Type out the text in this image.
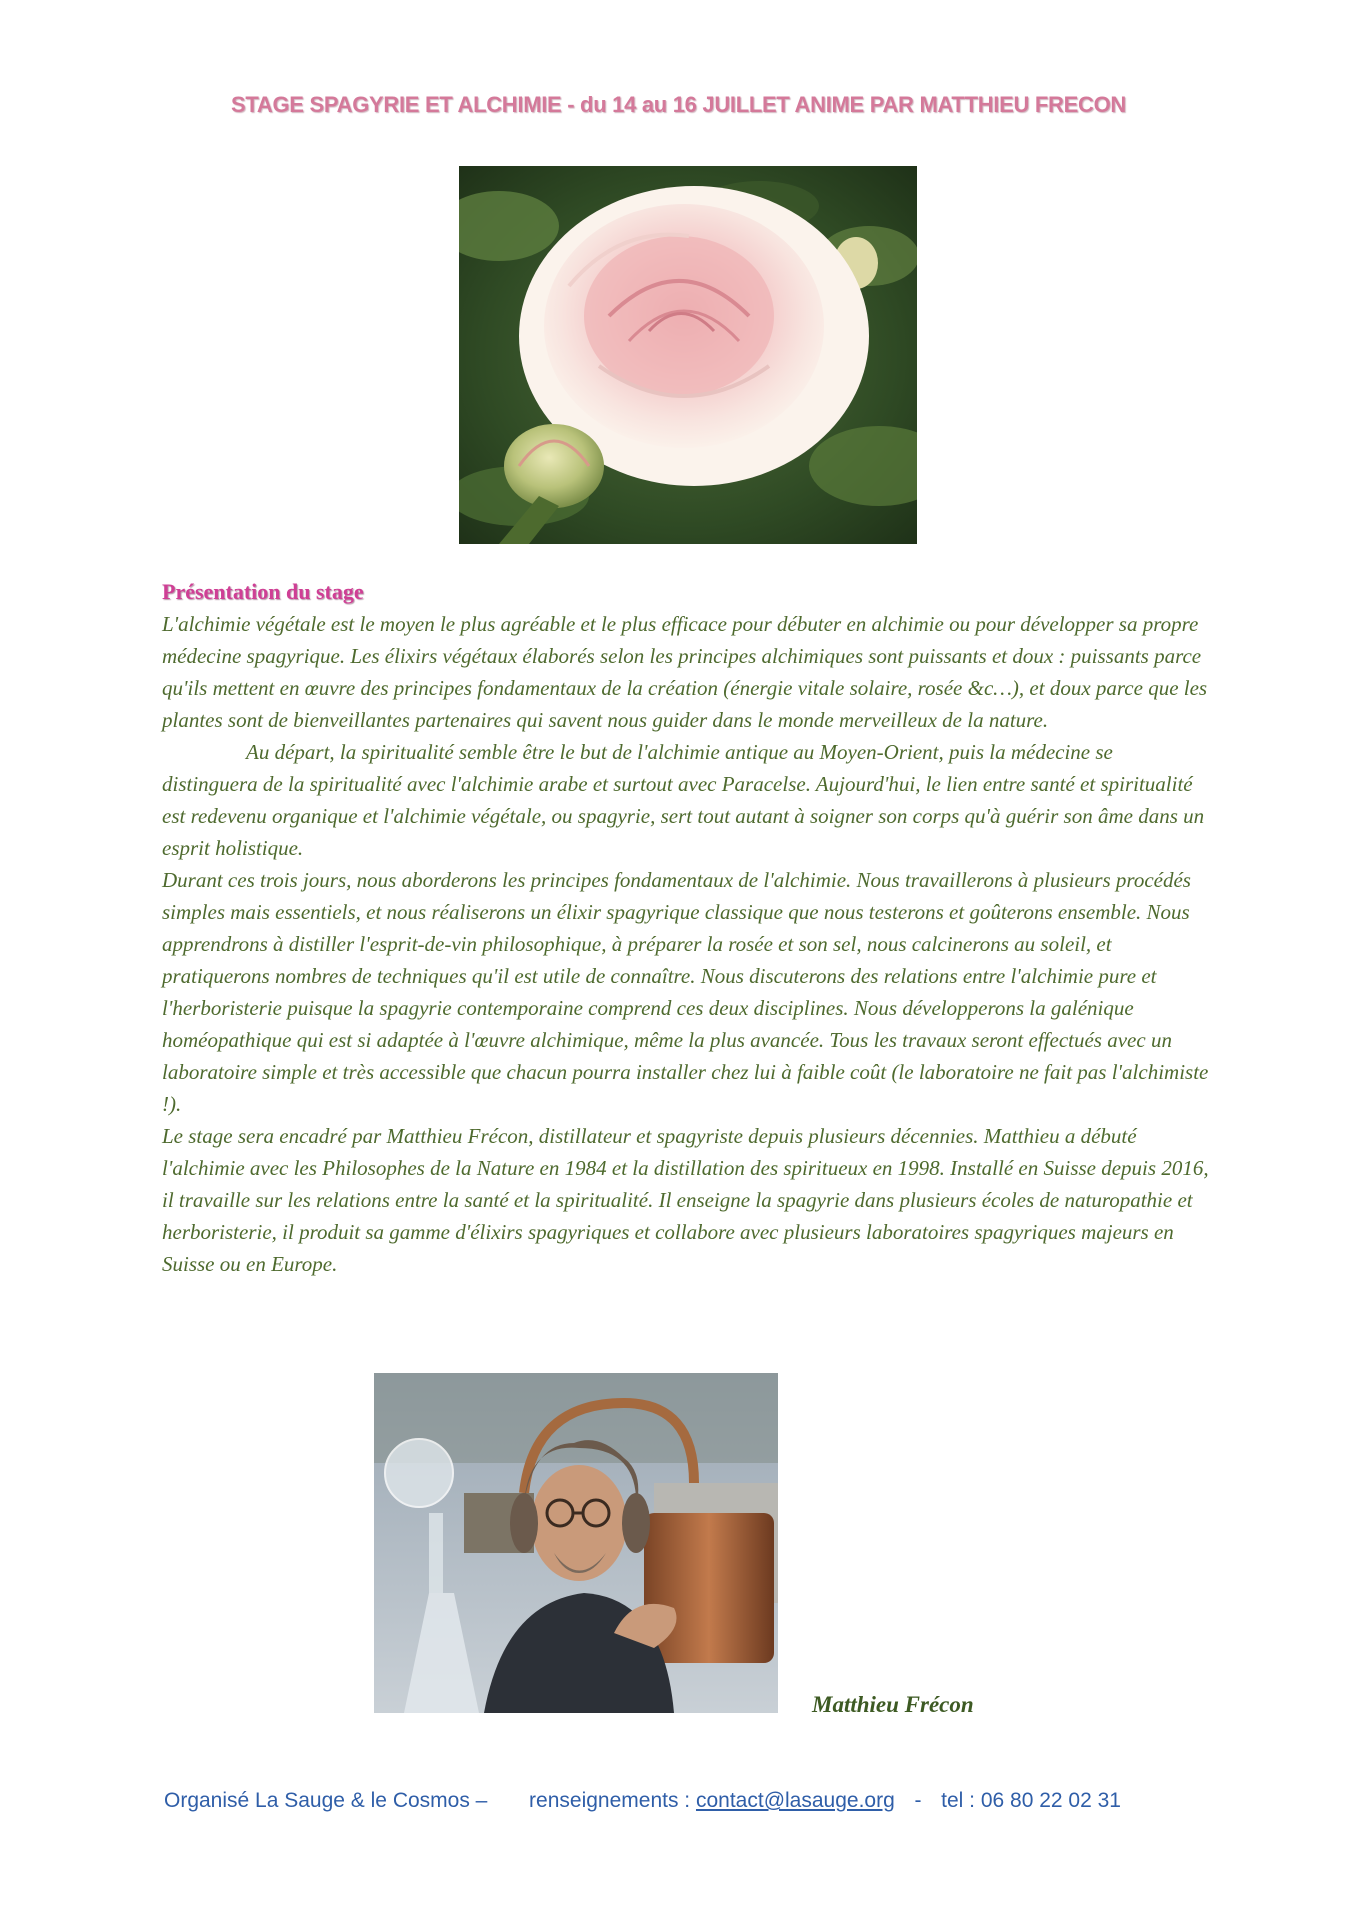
STAGE SPAGYRIE ET ALCHIMIE - du 14 au 16 JUILLET ANIME PAR MATTHIEU FRECON
Présentation du stage

L'alchimie végétale est le moyen le plus agréable et le plus efficace pour débuter en alchimie ou pour développer sa propre médecine spagyrique. Les élixirs végétaux élaborés selon les principes alchimiques sont puissants et doux : puissants parce qu'ils mettent en œuvre des principes fondamentaux de la création (énergie vitale solaire, rosée &c…), et doux parce que les plantes sont de bienveillantes partenaires qui savent nous guider dans le monde merveilleux de la nature.

Au départ, la spiritualité semble être le but de l'alchimie antique au Moyen-Orient, puis la médecine se distinguera de la spiritualité avec l'alchimie arabe et surtout avec Paracelse. Aujourd'hui, le lien entre santé et spiritualité est redevenu organique et l'alchimie végétale, ou spagyrie, sert tout autant à soigner son corps qu'à guérir son âme dans un esprit holistique.

Durant ces trois jours, nous aborderons les principes fondamentaux de l'alchimie. Nous travaillerons à plusieurs procédés simples mais essentiels, et nous réaliserons un élixir spagyrique classique que nous testerons et goûterons ensemble. Nous apprendrons à distiller l'esprit-de-vin philosophique, à préparer la rosée et son sel, nous calcinerons au soleil, et pratiquerons nombres de techniques qu'il est utile de connaître. Nous discuterons des relations entre l'alchimie pure et l'herboristerie puisque la spagyrie contemporaine comprend ces deux disciplines. Nous développerons la galénique homéopathique qui est si adaptée à l'œuvre alchimique, même la plus avancée. Tous les travaux seront effectués avec un laboratoire simple et très accessible que chacun pourra installer chez lui à faible coût (le laboratoire ne fait pas l'alchimiste !).

Le stage sera encadré par Matthieu Frécon, distillateur et spagyriste depuis plusieurs décennies. Matthieu a débuté l'alchimie avec les Philosophes de la Nature en 1984 et la distillation des spiritueux en 1998. Installé en Suisse depuis 2016, il travaille sur les relations entre la santé et la spiritualité. Il enseigne la spagyrie dans plusieurs écoles de naturopathie et herboristerie, il produit sa gamme d'élixirs spagyriques et collabore avec plusieurs laboratoires spagyriques majeurs en Suisse ou en Europe.

Matthieu Frécon
Organisé La Sauge & le Cosmos – renseignements : contact@lasauge.org - tel : 06 80 22 02 31
